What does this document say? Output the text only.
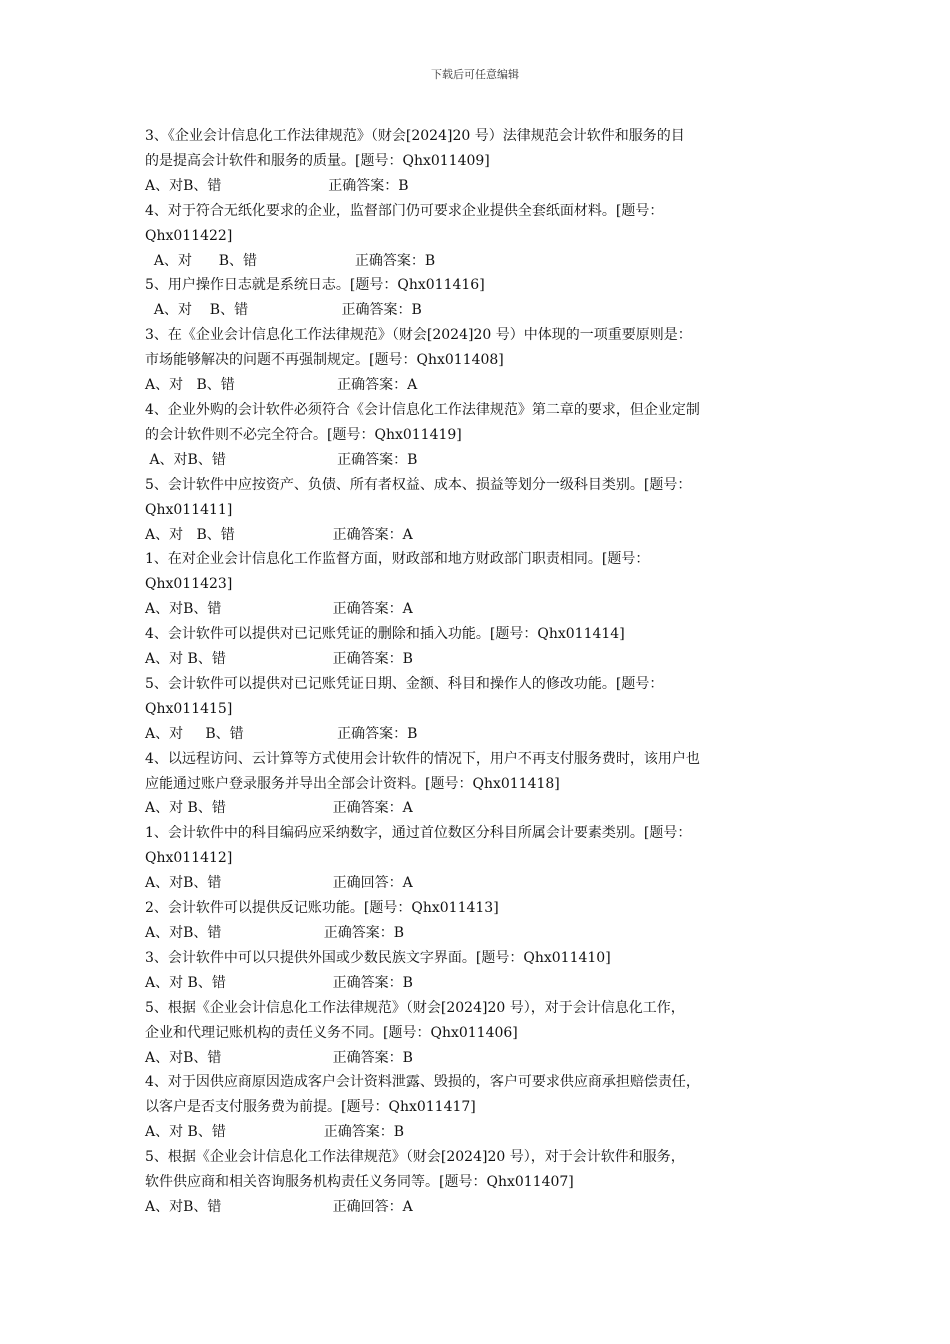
下载后可任意编辑
3、《企业会计信息化工作法律规范》（财会[2024]20 号）法律规范会计软件和服务的目
的是提高会计软件和服务的质量。[题号：Qhx011409]
A、对B、错                        正确答案：B
4、对于符合无纸化要求的企业，监督部门仍可要求企业提供全套纸面材料。[题号：
Qhx011422]
A、对      B、错                      正确答案：B
5、用户操作日志就是系统日志。[题号：Qhx011416]
A、对    B、错                     正确答案：B
3、在《企业会计信息化工作法律规范》（财会[2024]20 号）中体现的一项重要原则是：
市场能够解决的问题不再强制规定。[题号：Qhx011408]
A、对   B、错                       正确答案：A
4、企业外购的会计软件必须符合《会计信息化工作法律规范》第二章的要求，但企业定制
的会计软件则不必完全符合。[题号：Qhx011419]
A、对B、错                         正确答案：B
5、会计软件中应按资产、负债、所有者权益、成本、损益等划分一级科目类别。[题号：
Qhx011411]
A、对   B、错                      正确答案：A
1、在对企业会计信息化工作监督方面，财政部和地方财政部门职责相同。[题号：
Qhx011423]
A、对B、错                         正确答案：A
4、会计软件可以提供对已记账凭证的删除和插入功能。[题号：Qhx011414]
A、对 B、错                        正确答案：B
5、会计软件可以提供对已记账凭证日期、金额、科目和操作人的修改功能。[题号：
Qhx011415]
A、对     B、错                     正确答案：B
4、以远程访问、云计算等方式使用会计软件的情况下，用户不再支付服务费时，该用户也
应能通过账户登录服务并导出全部会计资料。[题号：Qhx011418]
A、对 B、错                        正确答案：A
1、会计软件中的科目编码应采纳数字，通过首位数区分科目所属会计要素类别。[题号：
Qhx011412]
A、对B、错                         正确回答：A
2、会计软件可以提供反记账功能。[题号：Qhx011413]
A、对B、错                       正确答案：B
3、会计软件中可以只提供外国或少数民族文字界面。[题号：Qhx011410]
A、对 B、错                        正确答案：B
5、根据《企业会计信息化工作法律规范》（财会[2024]20 号），对于会计信息化工作，
企业和代理记账机构的责任义务不同。[题号：Qhx011406]
A、对B、错                         正确答案：B
4、对于因供应商原因造成客户会计资料泄露、毁损的，客户可要求供应商承担赔偿责任，
以客户是否支付服务费为前提。[题号：Qhx011417]
A、对 B、错                      正确答案：B
5、根据《企业会计信息化工作法律规范》（财会[2024]20 号），对于会计软件和服务，
软件供应商和相关咨询服务机构责任义务同等。[题号：Qhx011407]
A、对B、错                         正确回答：A
